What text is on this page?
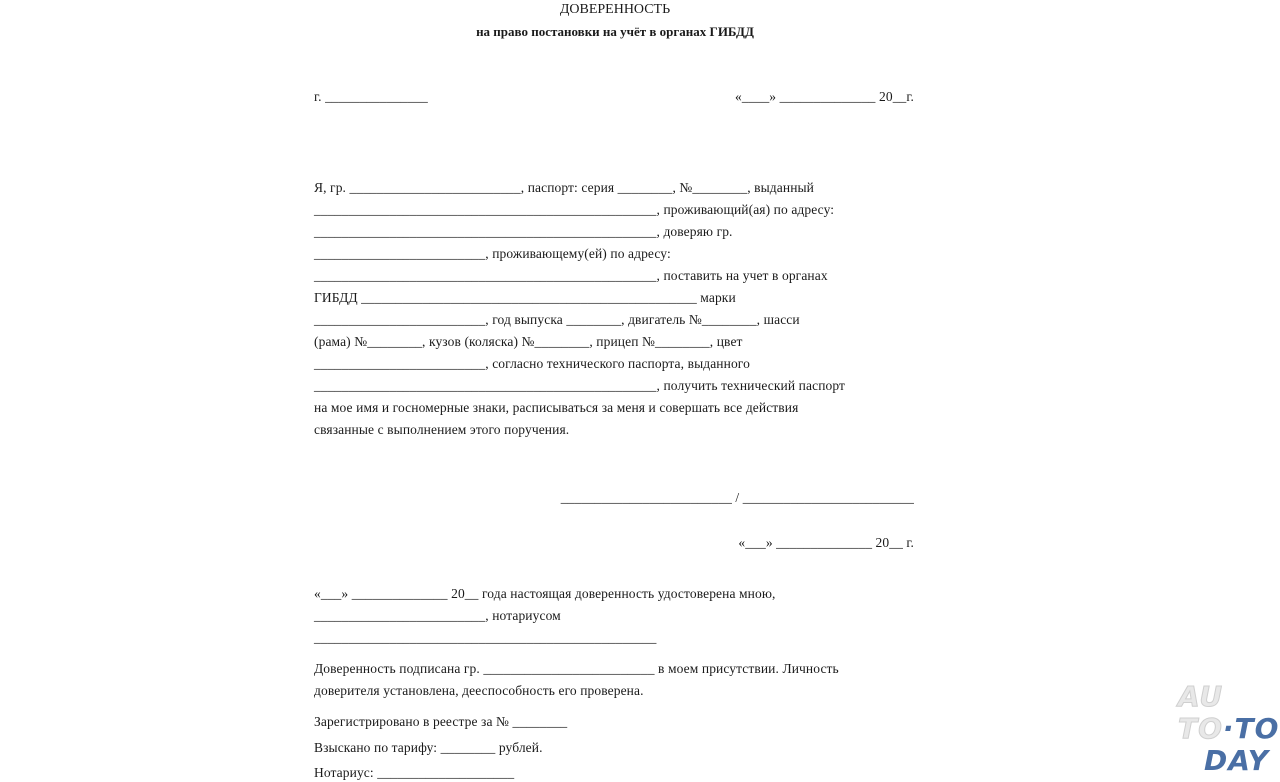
ДОВЕРЕННОСТЬ
на право постановки на учёт в органах ГИБДД
г. _______________	«____» ______________ 20__г.
Я, гр. _________________________, паспорт: серия ________, №________, выданный
__________________________________________________, проживающий(ая) по адресу:
__________________________________________________, доверяю гр.
_________________________, проживающему(ей) по адресу:
__________________________________________________, поставить на учет в органах
ГИБДД _________________________________________________ марки
_________________________, год выпуска ________, двигатель №________, шасси
(рама) №________, кузов (коляска) №________, прицеп №________, цвет
_________________________, согласно технического паспорта, выданного
__________________________________________________, получить технический паспорт
на мое имя и госномерные знаки, расписываться за меня и совершать все действия
связанные с выполнением этого поручения.
_________________________ / _________________________
«___» ______________ 20__ г.
«___» ______________ 20__ года настоящая доверенность удостоверена мною,
_________________________, нотариусом
__________________________________________________
Доверенность подписана гр. _________________________ в моем присутствии. Личность
доверителя установлена, дееспособность его проверена.
Зарегистрировано в реестре за № ________
Взыскано по тарифу: ________ рублей.
Нотариус: ____________________
AU
TO·TO
DAY
